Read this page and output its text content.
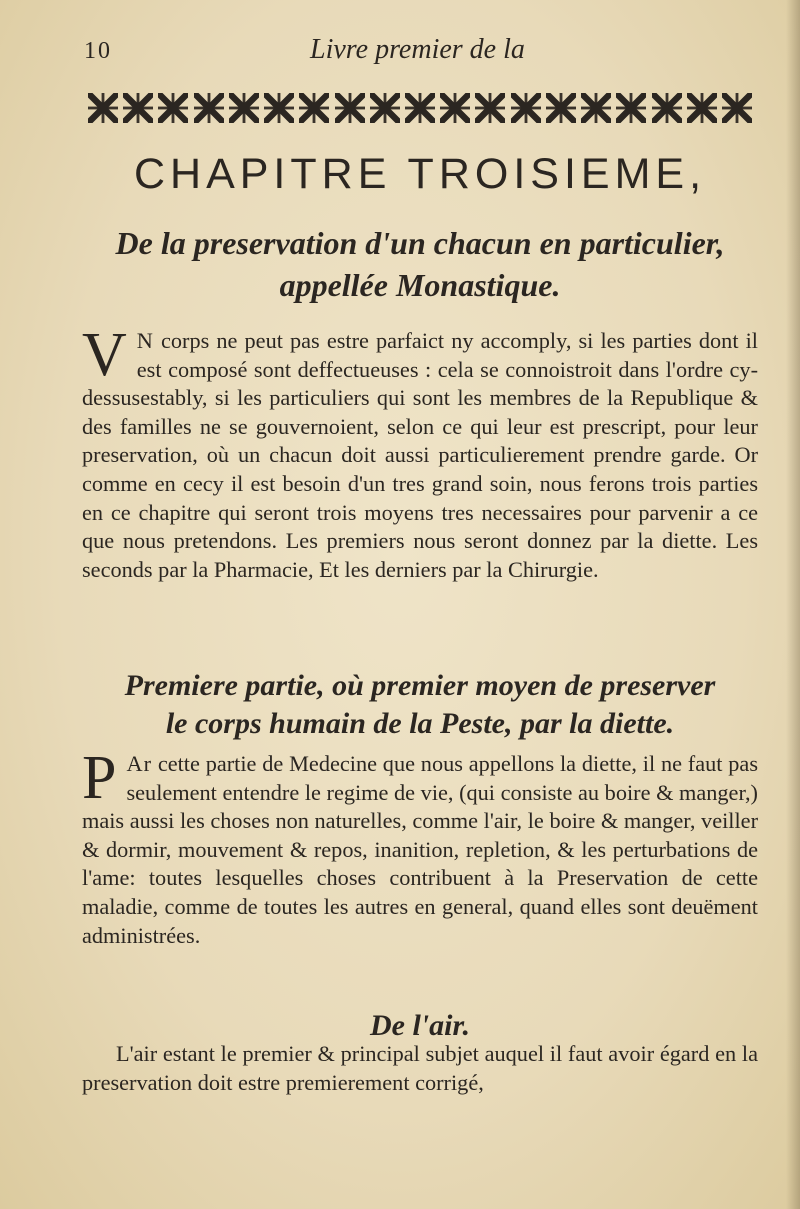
10	Livre premier de la
CHAPITRE TROISIEME,
De la preservation d'un chacun en particulier,
appellée Monastique.

V N corps ne peut pas estre parfaict ny accomply, si les parties dont il est composé sont deffectueuses : cela se connoistroit dans l'ordre cy-dessusestably, si les particuliers qui sont les membres de la Republique & des familles ne se gouvernoient, selon ce qui leur est prescript, pour leur preservation, où un chacun doit aussi particulierement prendre garde. Or comme en cecy il est besoin d'un tres grand soin, nous ferons trois parties en ce chapitre qui seront trois moyens tres necessaires pour parvenir a ce que nous pretendons. Les premiers nous seront donnez par la diette. Les seconds par la Pharmacie, Et les derniers par la Chirurgie.

Premiere partie, où premier moyen de preserver
le corps humain de la Peste, par la diette.

P Ar cette partie de Medecine que nous appellons la diette, il ne faut pas seulement entendre le regime de vie, (qui consiste au boire & manger,) mais aussi les choses non naturelles, comme l'air, le boire & manger, veiller & dormir, mouvement & repos, inanition, repletion, & les perturbations de l'ame: toutes lesquelles choses contribuent à la Preservation de cette maladie, comme de toutes les autres en general, quand elles sont deuëment administrées.

De l'air.

L'air estant le premier & principal subjet auquel il faut avoir égard en la preservation doit estre premierement corrigé,
